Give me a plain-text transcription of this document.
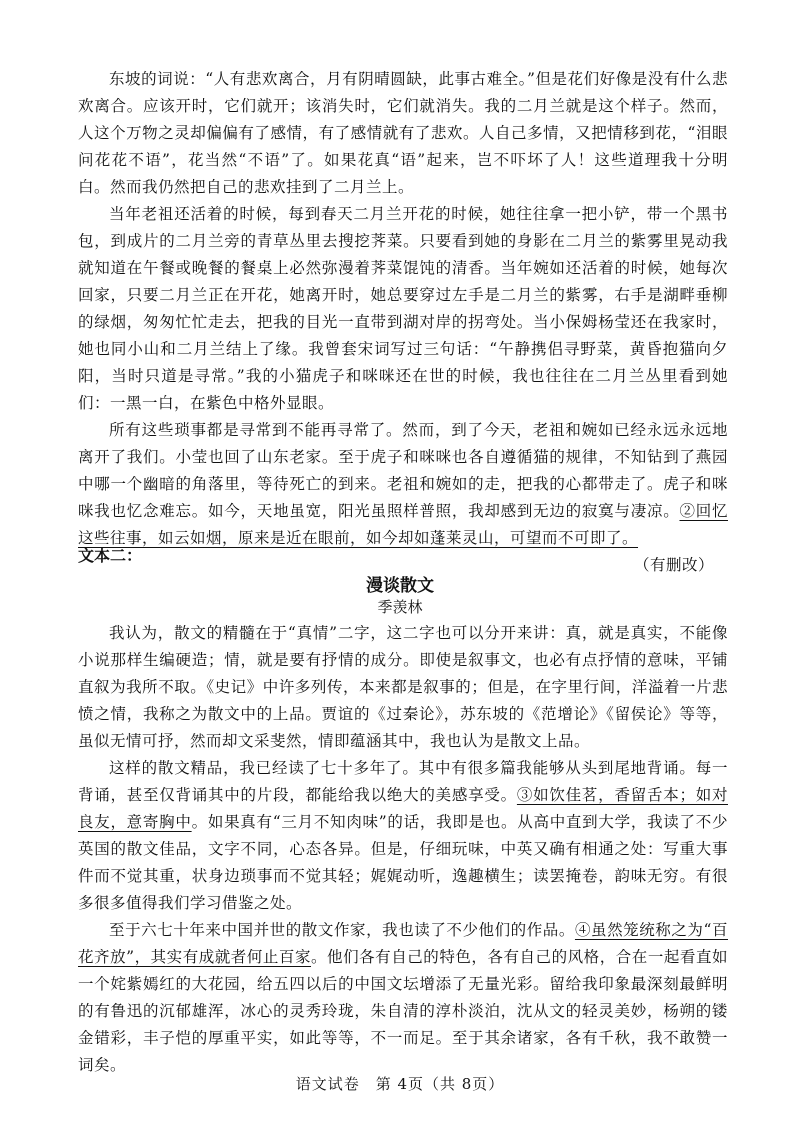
东坡的词说：“人有悲欢离合，月有阴晴圆缺，此事古难全。”但是花们好像是没有什么悲欢离合。应该开时，它们就开；该消失时，它们就消失。我的二月兰就是这个样子。然而，人这个万物之灵却偏偏有了感情，有了感情就有了悲欢。人自己多情，又把情移到花，“泪眼问花花不语”，花当然“不语”了。如果花真“语”起来，岂不吓坏了人！这些道理我十分明白。然而我仍然把自己的悲欢挂到了二月兰上。

当年老祖还活着的时候，每到春天二月兰开花的时候，她往往拿一把小铲，带一个黑书包，到成片的二月兰旁的青草丛里去搜挖荠菜。只要看到她的身影在二月兰的紫雾里晃动我就知道在午餐或晚餐的餐桌上必然弥漫着荠菜馄饨的清香。当年婉如还活着的时候，她每次回家，只要二月兰正在开花，她离开时，她总要穿过左手是二月兰的紫雾，右手是湖畔垂柳的绿烟，匆匆忙忙走去，把我的目光一直带到湖对岸的拐弯处。当小保姆杨莹还在我家时，她也同小山和二月兰结上了缘。我曾套宋词写过三句话：“午静携侣寻野菜，黄昏抱猫向夕阳，当时只道是寻常。”我的小猫虎子和咪咪还在世的时候，我也往往在二月兰丛里看到她们：一黑一白，在紫色中格外显眼。

所有这些琐事都是寻常到不能再寻常了。然而，到了今天，老祖和婉如已经永远永远地离开了我们。小莹也回了山东老家。至于虎子和咪咪也各自遵循猫的规律，不知钻到了燕园中哪一个幽暗的角落里，等待死亡的到来。老祖和婉如的走，把我的心都带走了。虎子和咪咪我也忆念难忘。如今，天地虽宽，阳光虽照样普照，我却感到无边的寂寞与凄凉。②回忆这些往事，如云如烟，原来是近在眼前，如今却如蓬莱灵山，可望而不可即了。

（有删改）

文本二：
漫谈散文
季羡林

我认为，散文的精髓在于“真情”二字，这二字也可以分开来讲：真，就是真实，不能像小说那样生编硬造；情，就是要有抒情的成分。即使是叙事文，也必有点抒情的意味，平铺直叙为我所不取。《史记》中许多列传，本来都是叙事的；但是，在字里行间，洋溢着一片悲愤之情，我称之为散文中的上品。贾谊的《过秦论》，苏东坡的《范增论》《留侯论》等等，虽似无情可抒，然而却文采斐然，情即蕴涵其中，我也认为是散文上品。

这样的散文精品，我已经读了七十多年了。其中有很多篇我能够从头到尾地背诵。每一背诵，甚至仅背诵其中的片段，都能给我以绝大的美感享受。③如饮佳茗，香留舌本；如对良友，意寄胸中。如果真有“三月不知肉味”的话，我即是也。从高中直到大学，我读了不少英国的散文佳品，文字不同，心态各异。但是，仔细玩味，中英又确有相通之处：写重大事件而不觉其重，状身边琐事而不觉其轻；娓娓动听，逸趣横生；读罢掩卷，韵味无穷。有很多很多值得我们学习借鉴之处。

至于六七十年来中国并世的散文作家，我也读了不少他们的作品。④虽然笼统称之为“百花齐放”，其实有成就者何止百家。他们各有自己的特色，各有自己的风格，合在一起看直如一个姹紫嫣红的大花园，给五四以后的中国文坛增添了无量光彩。留给我印象最深刻最鲜明的有鲁迅的沉郁雄浑，冰心的灵秀玲珑，朱自清的淳朴淡泊，沈从文的轻灵美妙，杨朔的镂金错彩，丰子恺的厚重平实，如此等等，不一而足。至于其余诸家，各有千秋，我不敢赞一词矣。

语文试卷　第 4页（共 8页）
